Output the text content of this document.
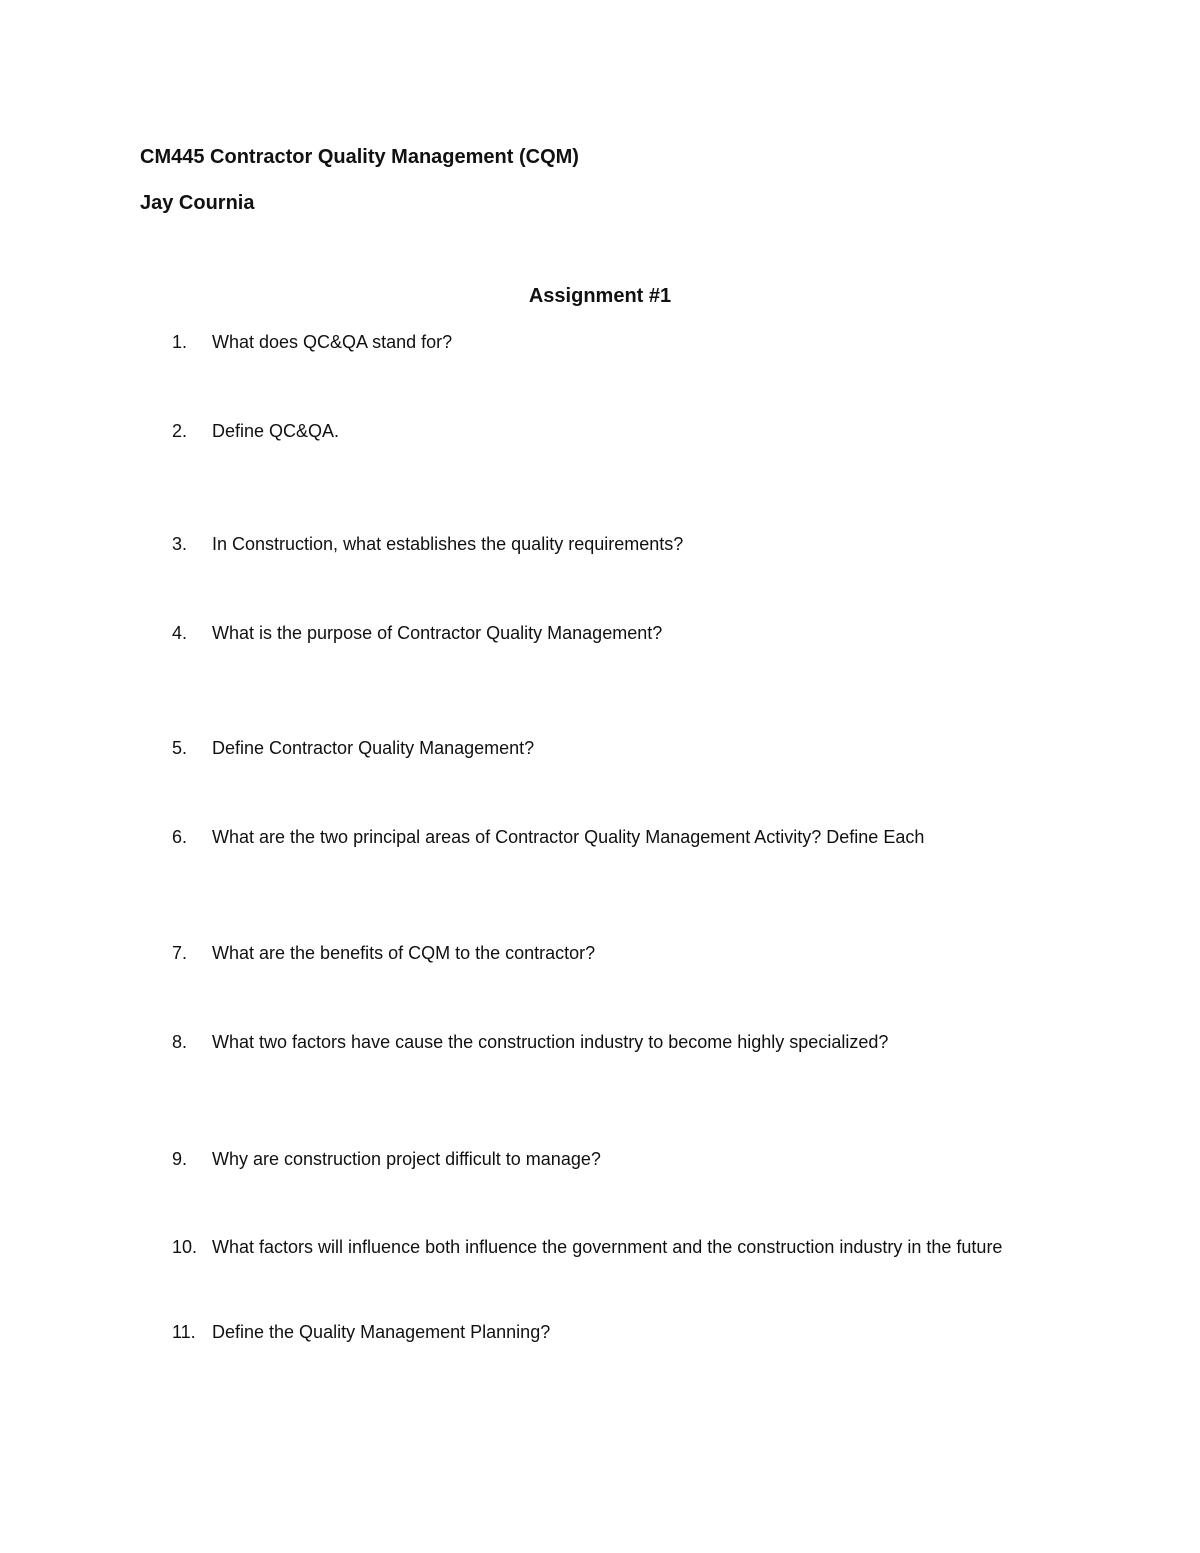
CM445 Contractor Quality Management (CQM)
Jay Cournia
Assignment #1
1.	What does QC&QA stand for?
2.	Define QC&QA.
3.	In Construction, what establishes the quality requirements?
4.	What is the purpose of Contractor Quality Management?
5.	Define Contractor Quality Management?
6.	What are the two principal areas of Contractor Quality Management Activity? Define Each
7.	What are the benefits of CQM to the contractor?
8.	What two factors have cause the construction industry to become highly specialized?
9.	Why are construction project difficult to manage?
10. What factors will influence both influence the government and the construction industry in the future
11. Define the Quality Management Planning?
